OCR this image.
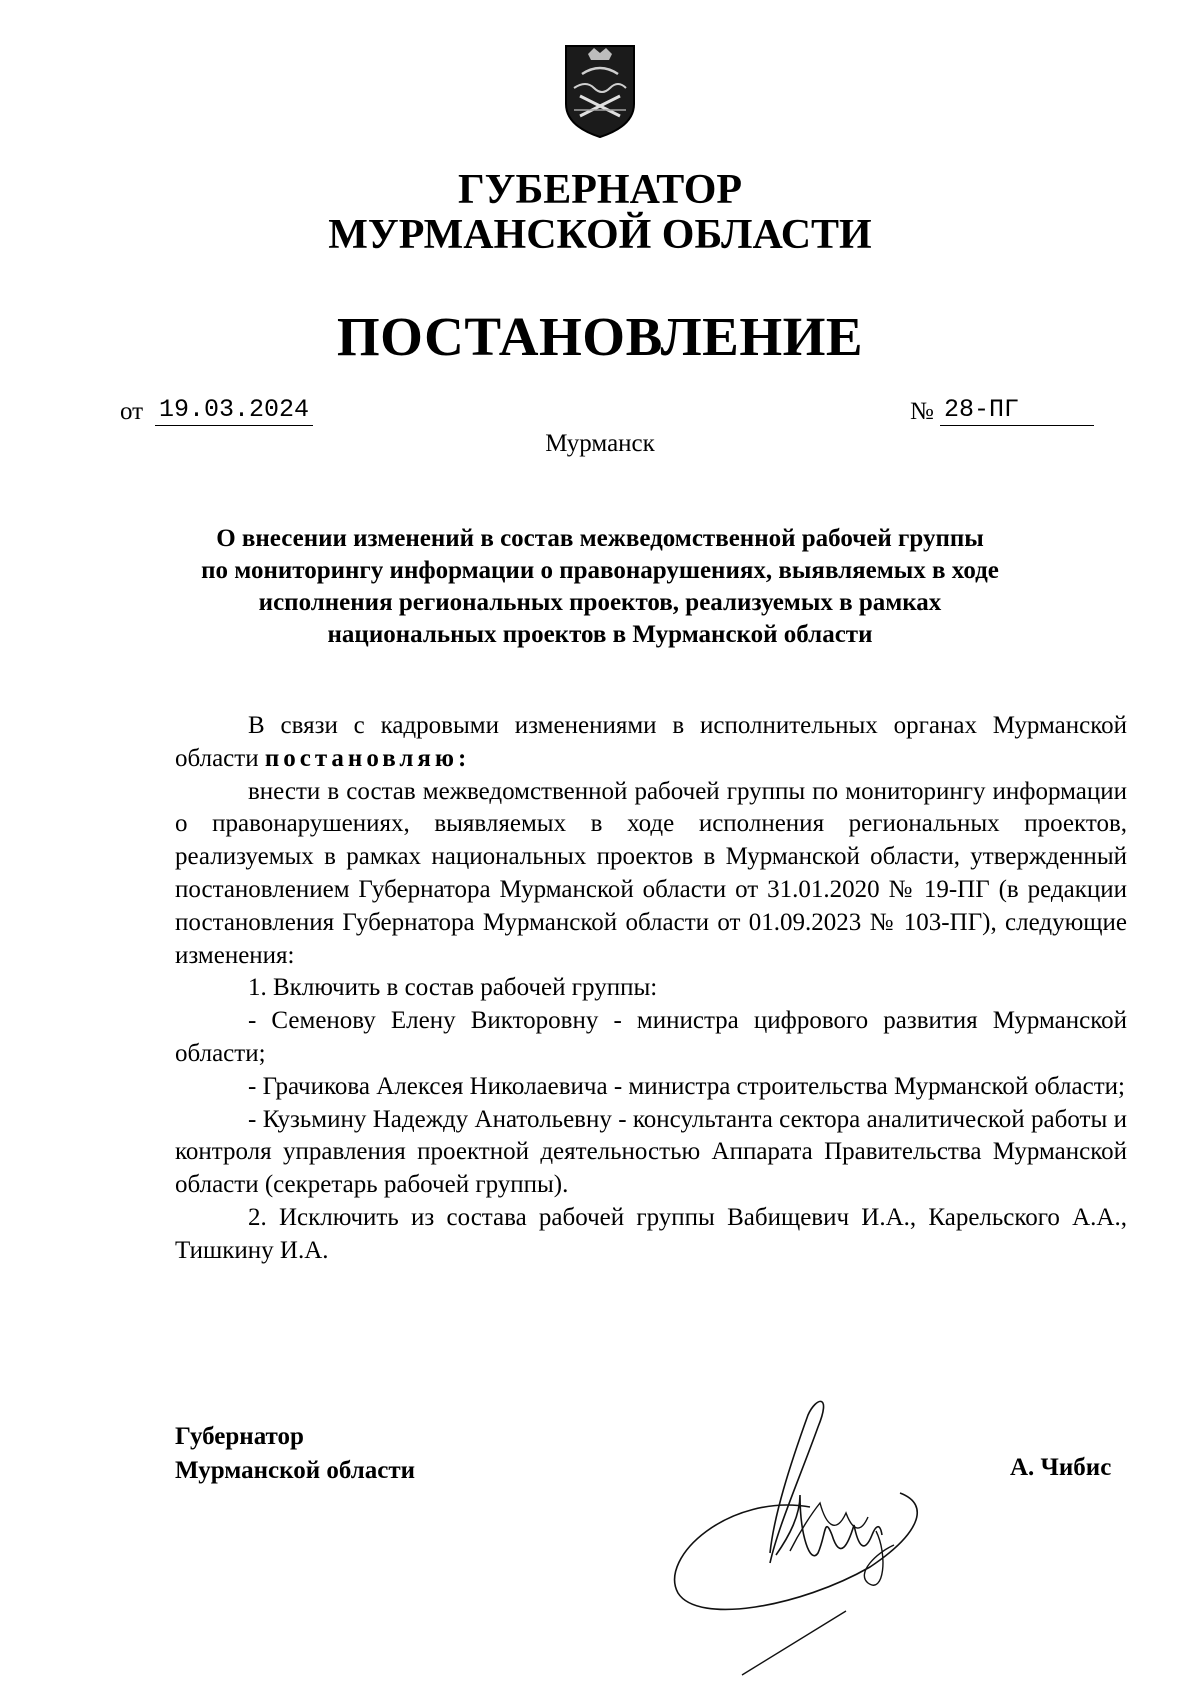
ГУБЕРНАТОР
МУРМАНСКОЙ ОБЛАСТИ
ПОСТАНОВЛЕНИЕ
от 19.03.2024	№ 28-ПГ
Мурманск
О внесении изменений в состав межведомственной рабочей группы
по мониторингу информации о правонарушениях, выявляемых в ходе
исполнения региональных проектов, реализуемых в рамках
национальных проектов в Мурманской области

В связи с кадровыми изменениями в исполнительных органах Мурманской области постановляю:

внести в состав межведомственной рабочей группы по мониторингу информации о правонарушениях, выявляемых в ходе исполнения региональных проектов, реализуемых в рамках национальных проектов в Мурманской области, утвержденный постановлением Губернатора Мурманской области от 31.01.2020 № 19-ПГ (в редакции постановления Губернатора Мурманской области от 01.09.2023 № 103-ПГ), следующие изменения:

1. Включить в состав рабочей группы:

- Семенову Елену Викторовну - министра цифрового развития Мурманской области;

- Грачикова Алексея Николаевича - министра строительства Мурманской области;

- Кузьмину Надежду Анатольевну - консультанта сектора аналитической работы и контроля управления проектной деятельностью Аппарата Правительства Мурманской области (секретарь рабочей группы).

2. Исключить из состава рабочей группы Вабищевич И.А., Карельского А.А., Тишкину И.А.

Губернатор
Мурманской области	А. Чибис
